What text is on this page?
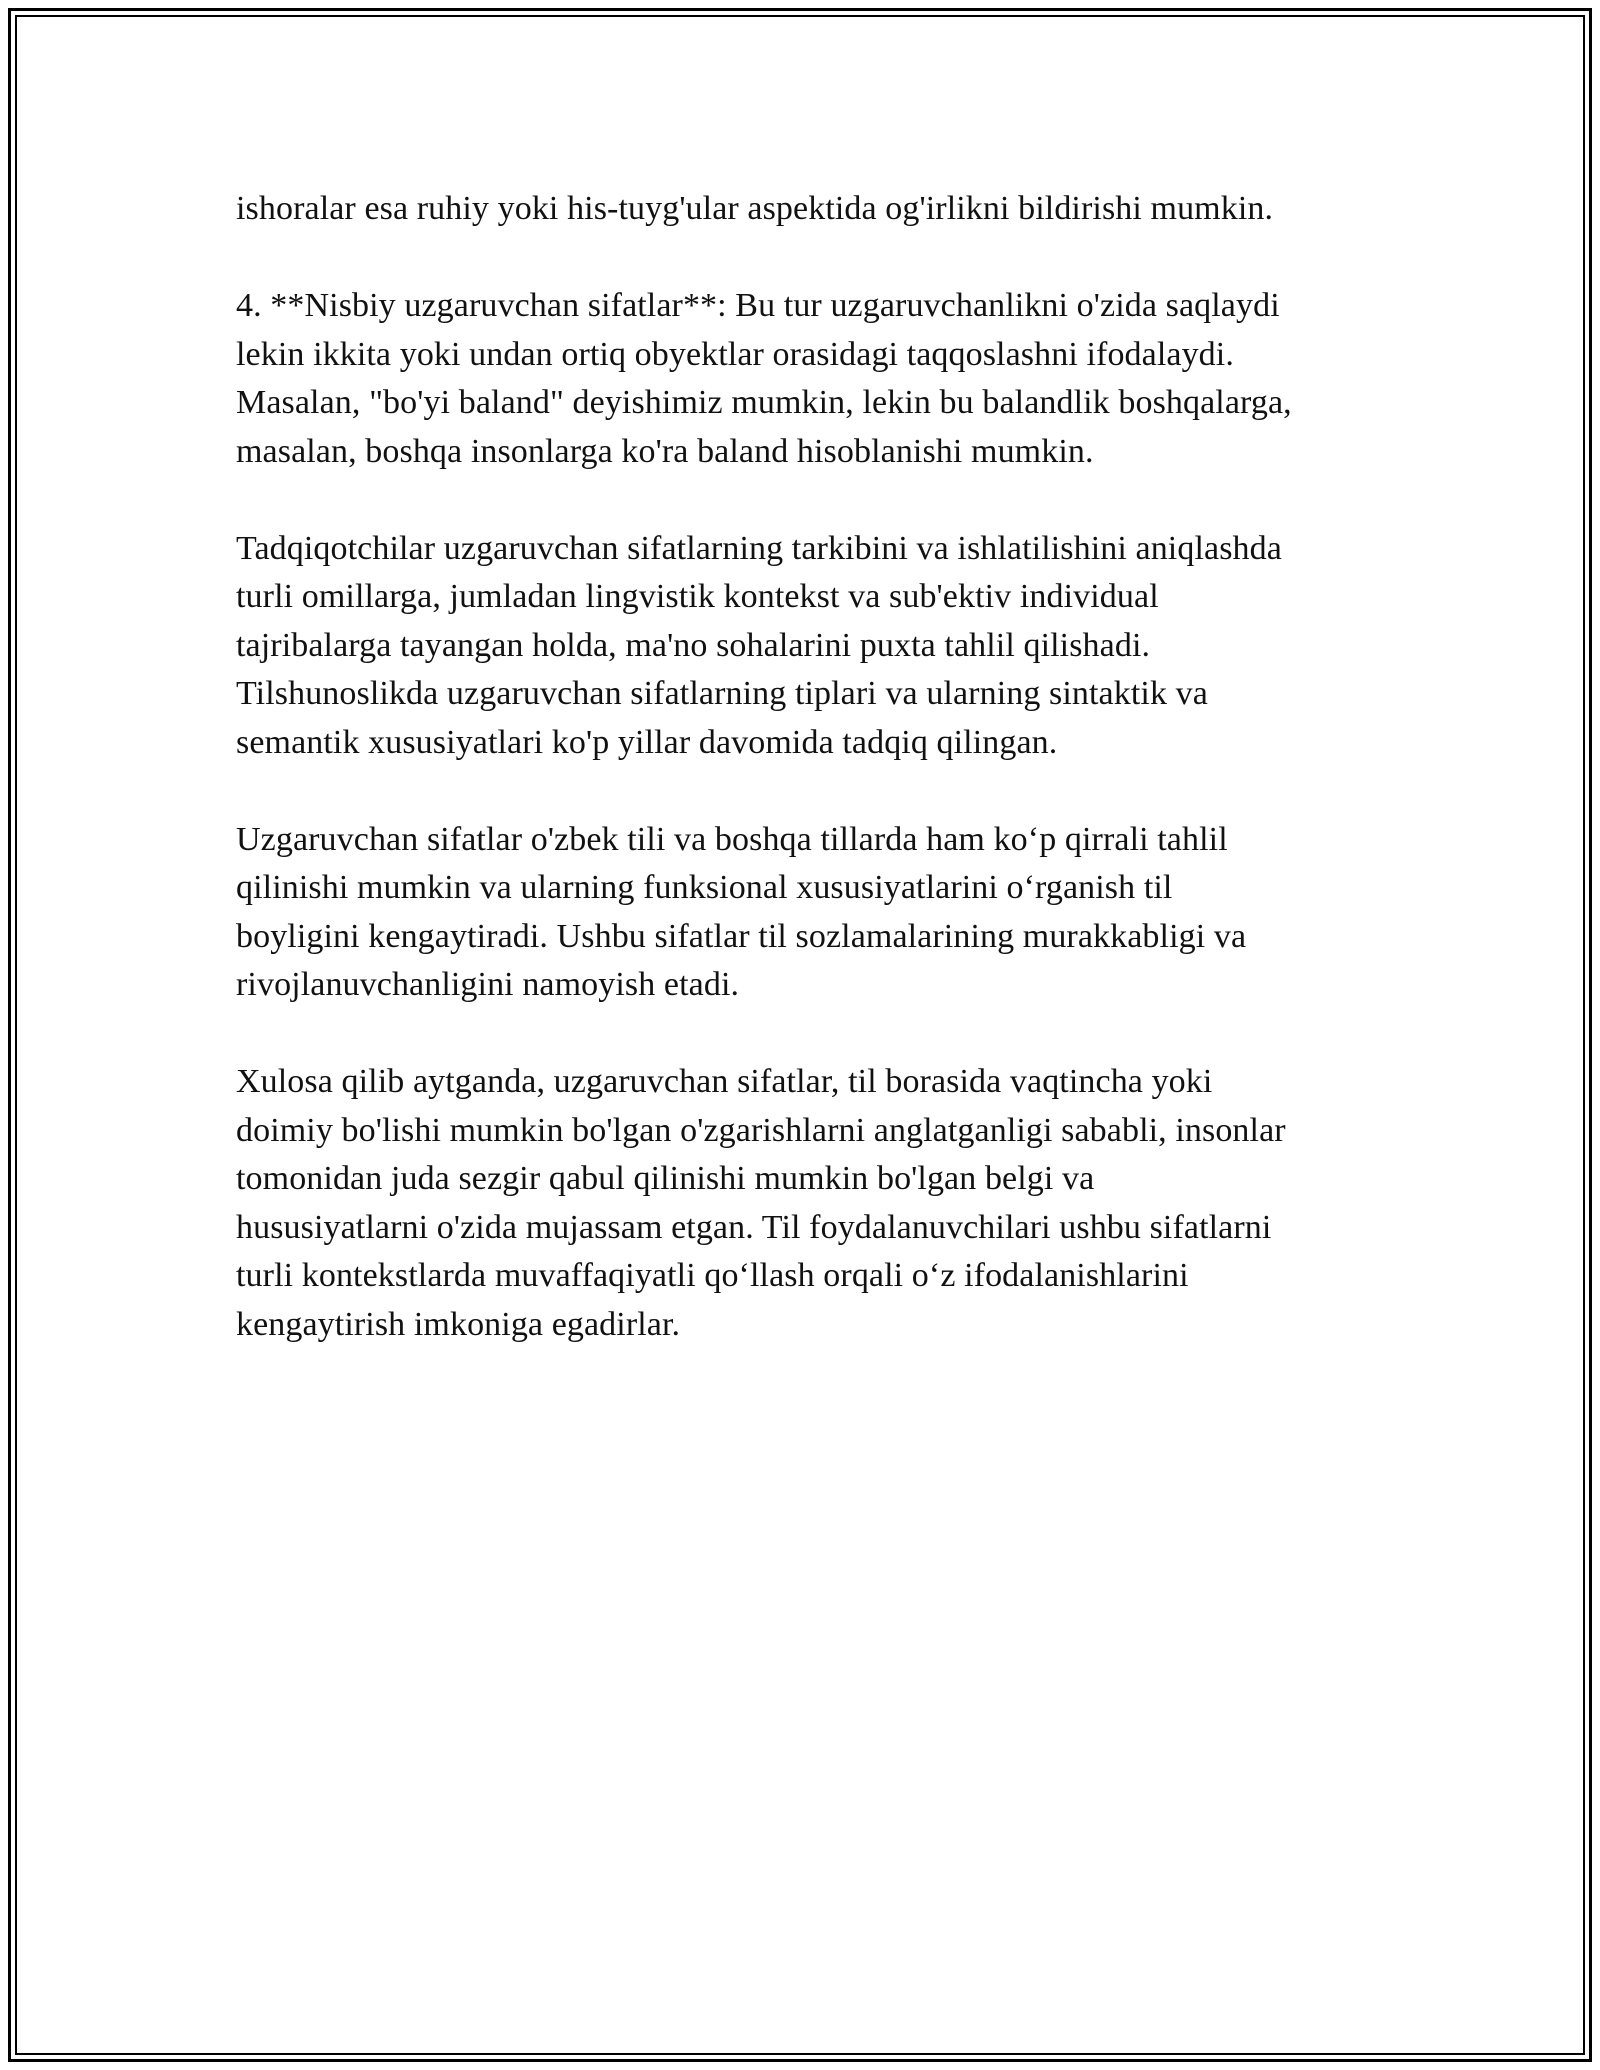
ishoralar esa ruhiy yoki his-tuyg'ular aspektida og'irlikni bildirishi mumkin.

4. **Nisbiy uzgaruvchan sifatlar**: Bu tur uzgaruvchanlikni o'zida saqlaydi
lekin ikkita yoki undan ortiq obyektlar orasidagi taqqoslashni ifodalaydi.
Masalan, "bo'yi baland" deyishimiz mumkin, lekin bu balandlik boshqalarga,
masalan, boshqa insonlarga ko'ra baland hisoblanishi mumkin.

Tadqiqotchilar uzgaruvchan sifatlarning tarkibini va ishlatilishini aniqlashda
turli omillarga, jumladan lingvistik kontekst va sub'ektiv individual
tajribalarga tayangan holda, ma'no sohalarini puxta tahlil qilishadi.
Tilshunoslikda uzgaruvchan sifatlarning tiplari va ularning sintaktik va
semantik xususiyatlari ko'p yillar davomida tadqiq qilingan.

Uzgaruvchan sifatlar o'zbek tili va boshqa tillarda ham ko‘p qirrali tahlil
qilinishi mumkin va ularning funksional xususiyatlarini o‘rganish til
boyligini kengaytiradi. Ushbu sifatlar til sozlamalarining murakkabligi va
rivojlanuvchanligini namoyish etadi.

Xulosa qilib aytganda, uzgaruvchan sifatlar, til borasida vaqtincha yoki
doimiy bo'lishi mumkin bo'lgan o'zgarishlarni anglatganligi sababli, insonlar
tomonidan juda sezgir qabul qilinishi mumkin bo'lgan belgi va
hususiyatlarni o'zida mujassam etgan. Til foydalanuvchilari ushbu sifatlarni
turli kontekstlarda muvaffaqiyatli qo‘llash orqali o‘z ifodalanishlarini
kengaytirish imkoniga egadirlar.
